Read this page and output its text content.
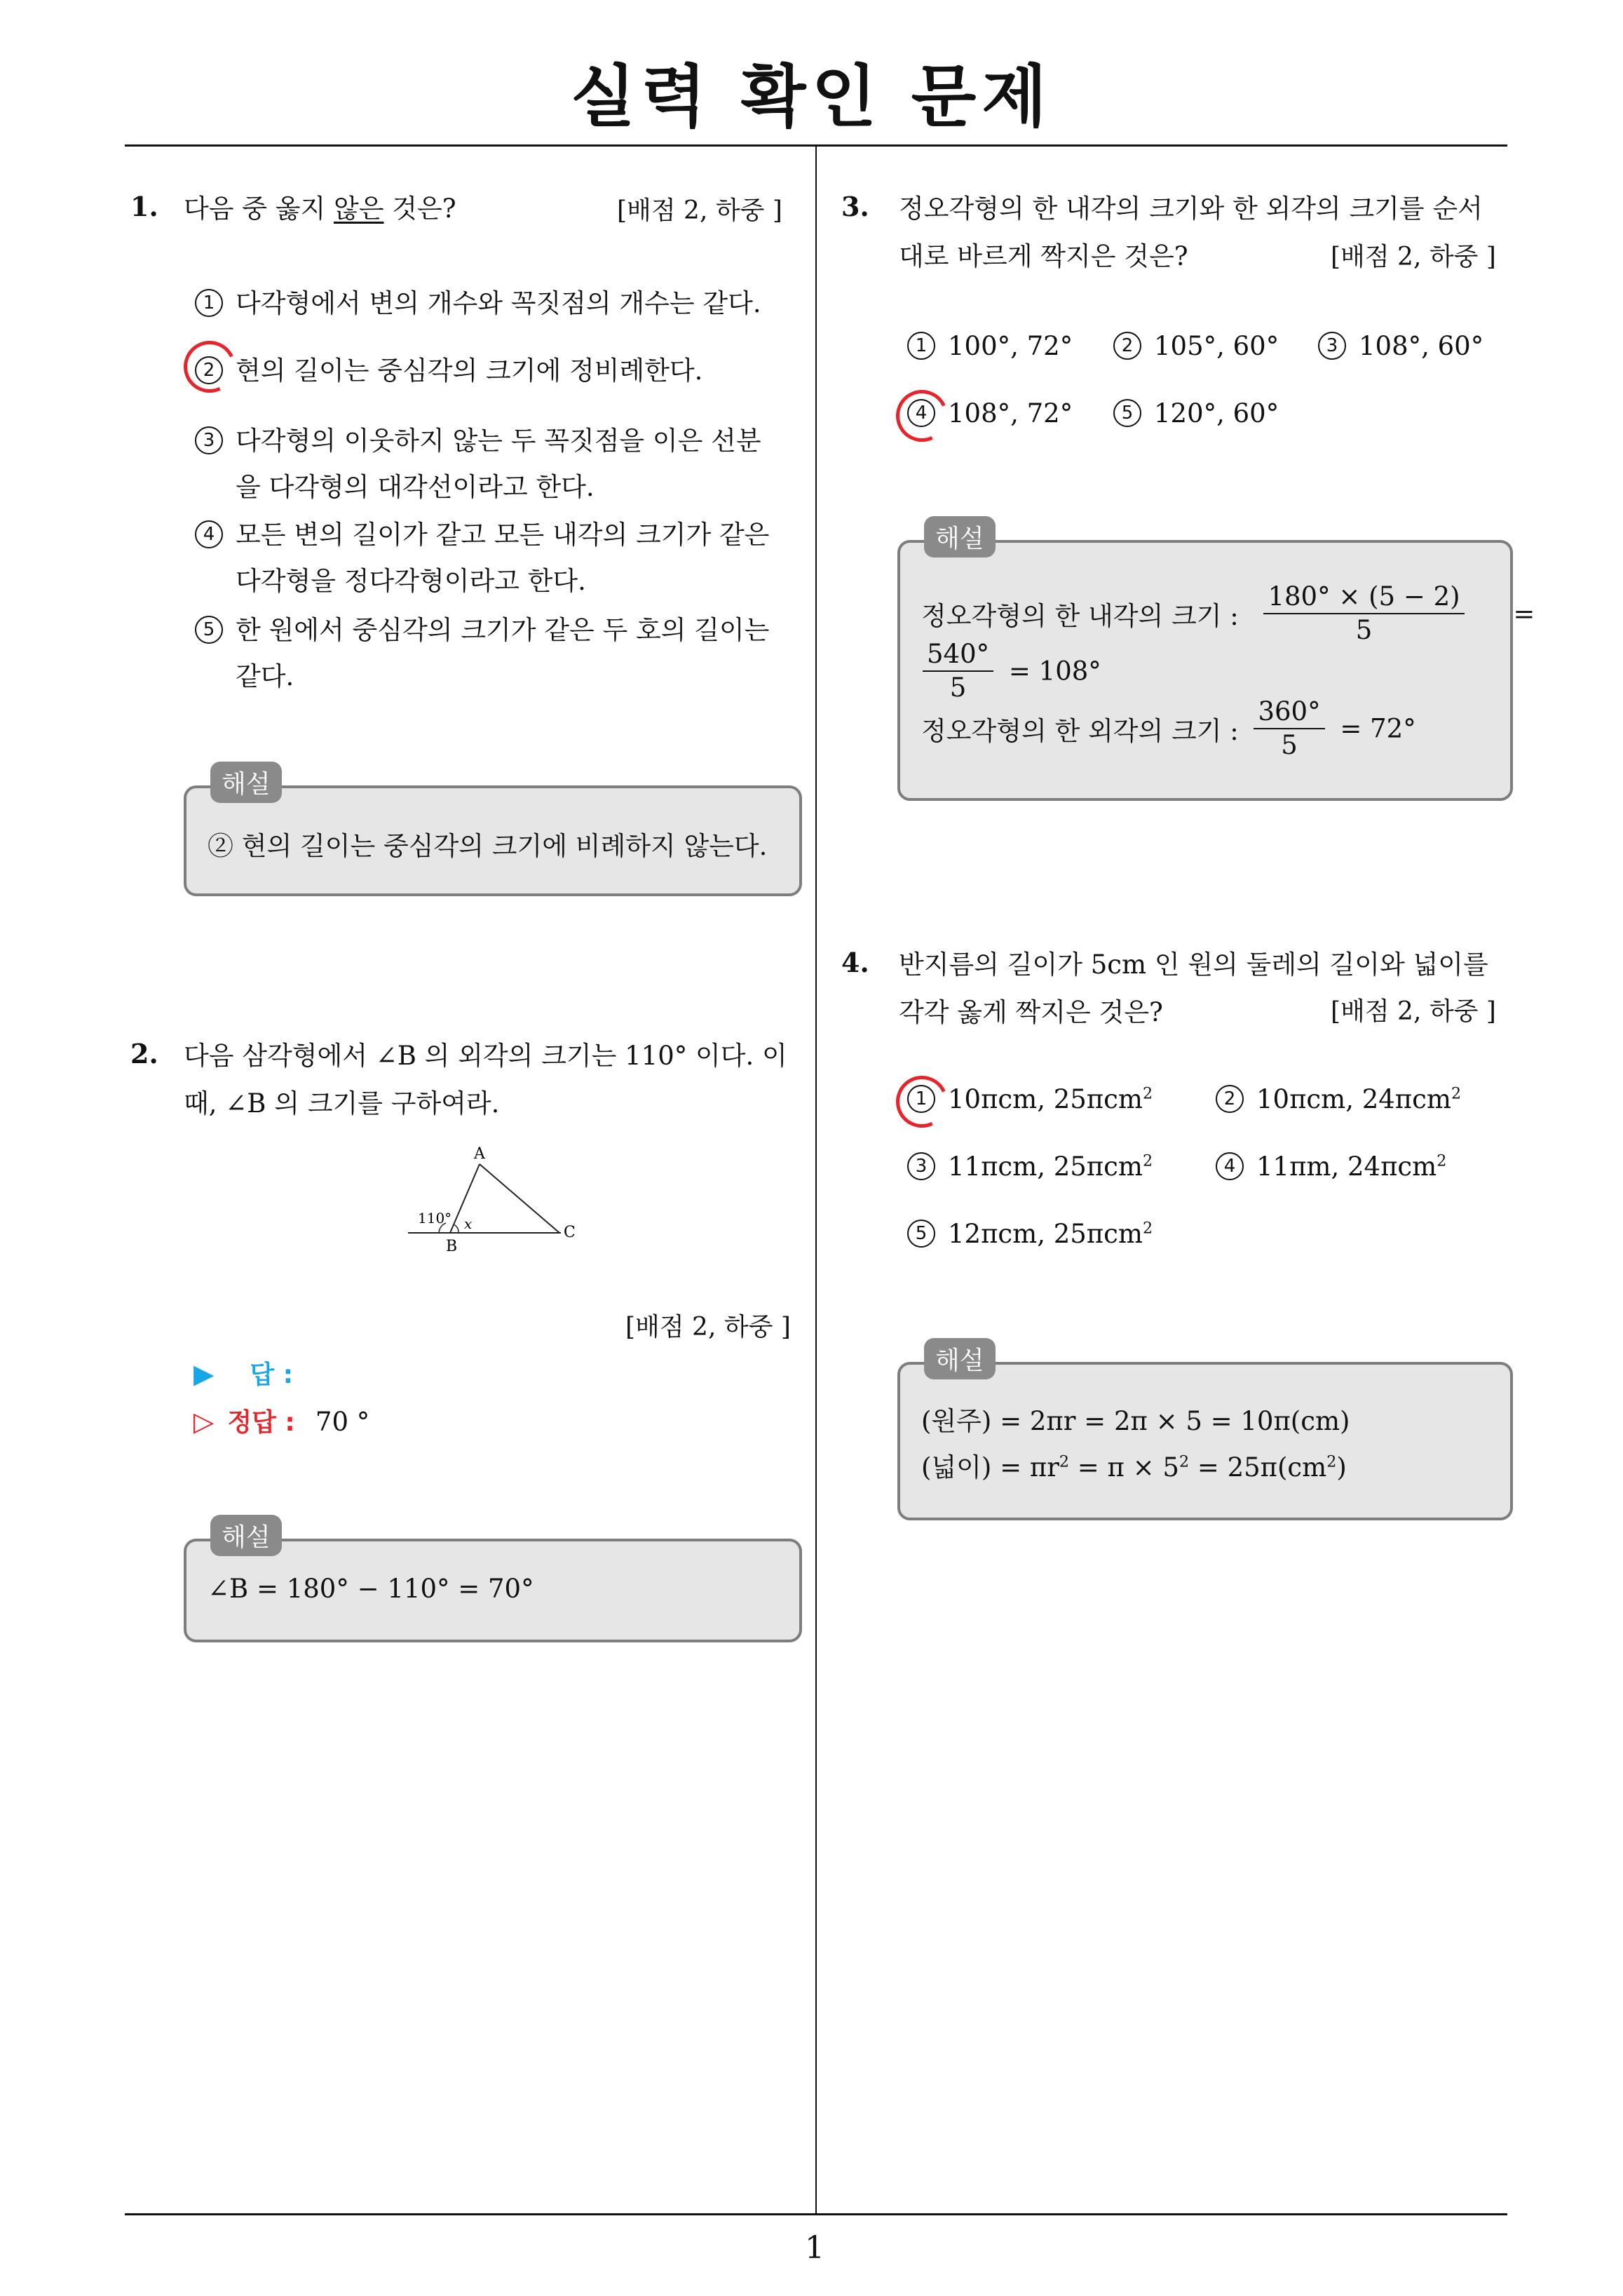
실력 확인 문제
1
1. 다음 중 옳지 않은 것은?	[배점 2, 하중 ]
1 다각형에서 변의 개수와 꼭짓점의 개수는 같다.
2 현의 길이는 중심각의 크기에 정비례한다.
3 다각형의 이웃하지 않는 두 꼭짓점을 이은 선분
을 다각형의 대각선이라고 한다.
4 모든 변의 길이가 같고 모든 내각의 크기가 같은
다각형을 정다각형이라고 한다.
5 한 원에서 중심각의 크기가 같은 두 호의 길이는
같다.
② 현의 길이는 중심각의 크기에 비례하지 않는다.
해설
2. 다음 삼각형에서 ∠B 의 외각의 크기는 110° 이다. 이
때, ∠B 의 크기를 구하여라.
A
B
C
110° x
[배점 2, 하중 ]
▶ 답 :
▷ 정답 : 70 °
∠B = 180° − 110° = 70°
해설
3. 정오각형의 한 내각의 크기와 한 외각의 크기를 순서
대로 바르게 짝지은 것은?	[배점 2, 하중 ]
1 100°, 72°	2 105°, 60°	3 108°, 60°
4 108°, 72°	5 120°, 60°
정오각형의 한 내각의 크기 : $\frac{180^\circ \times (5 - 2)}{5}$ =
$\frac{540^\circ}{5} = 108^\circ$
정오각형의 한 외각의 크기 : $\frac{360^\circ}{5} = 72^\circ$
해설
4. 반지름의 길이가 5cm 인 원의 둘레의 길이와 넓이를
각각 옳게 짝지은 것은?	[배점 2, 하중 ]
1 10πcm, 25πcm$^2$	2 10πcm, 24πcm$^2$
3 11πcm, 25πcm$^2$	4 11πm, 24πcm$^2$
5 12πcm, 25πcm$^2$
(원주) = 2πr = 2π × 5 = 10π(cm)
(넓이) = $\pi r^2 = \pi \times 5^2 = 25\pi(cm^2)$
해설
